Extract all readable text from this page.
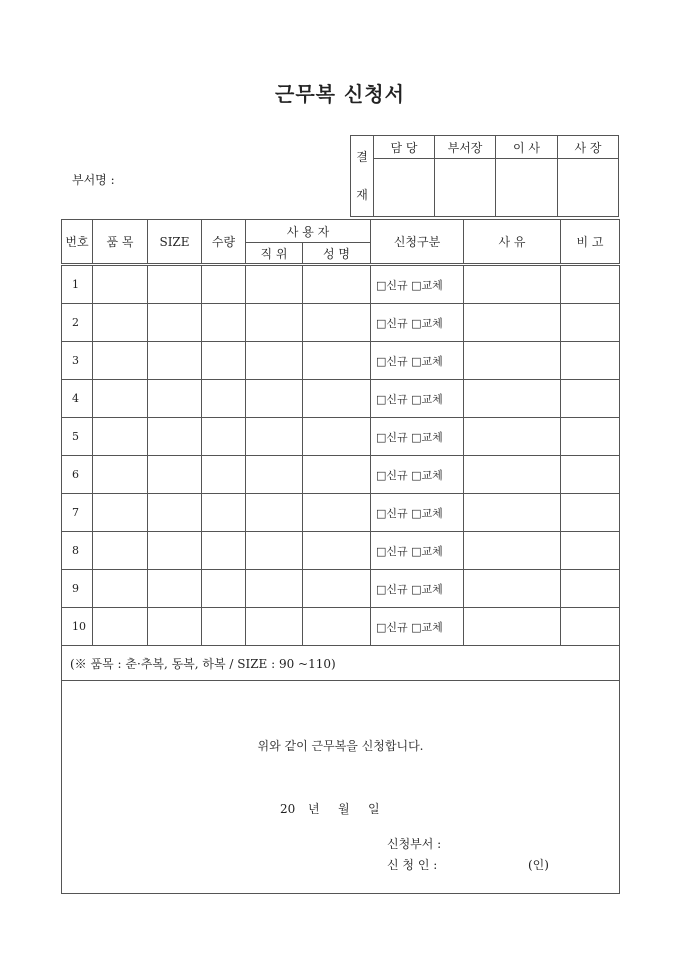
근무복 신청서
결
재	담 당	부서장	이 사	사 장

부서명 :
번호	품 목	SIZE	수량	사 용 자		신청구분	사 유	비 고
				직 위	성 명			
1						□신규 □교체		
2						□신규 □교체		
3						□신규 □교체		
4						□신규 □교체		
5						□신규 □교체		
6						□신규 □교체		
7						□신규 □교체		
8						□신규 □교체		
9						□신규 □교체		
10						□신규 □교체		
(※ 품목 : 춘·추복, 동복, 하복 / SIZE : 90 ~110)								

위와 같이 근무복을 신청합니다.
20 년 월 일
신청부서 :
신 청 인 : (인)								
